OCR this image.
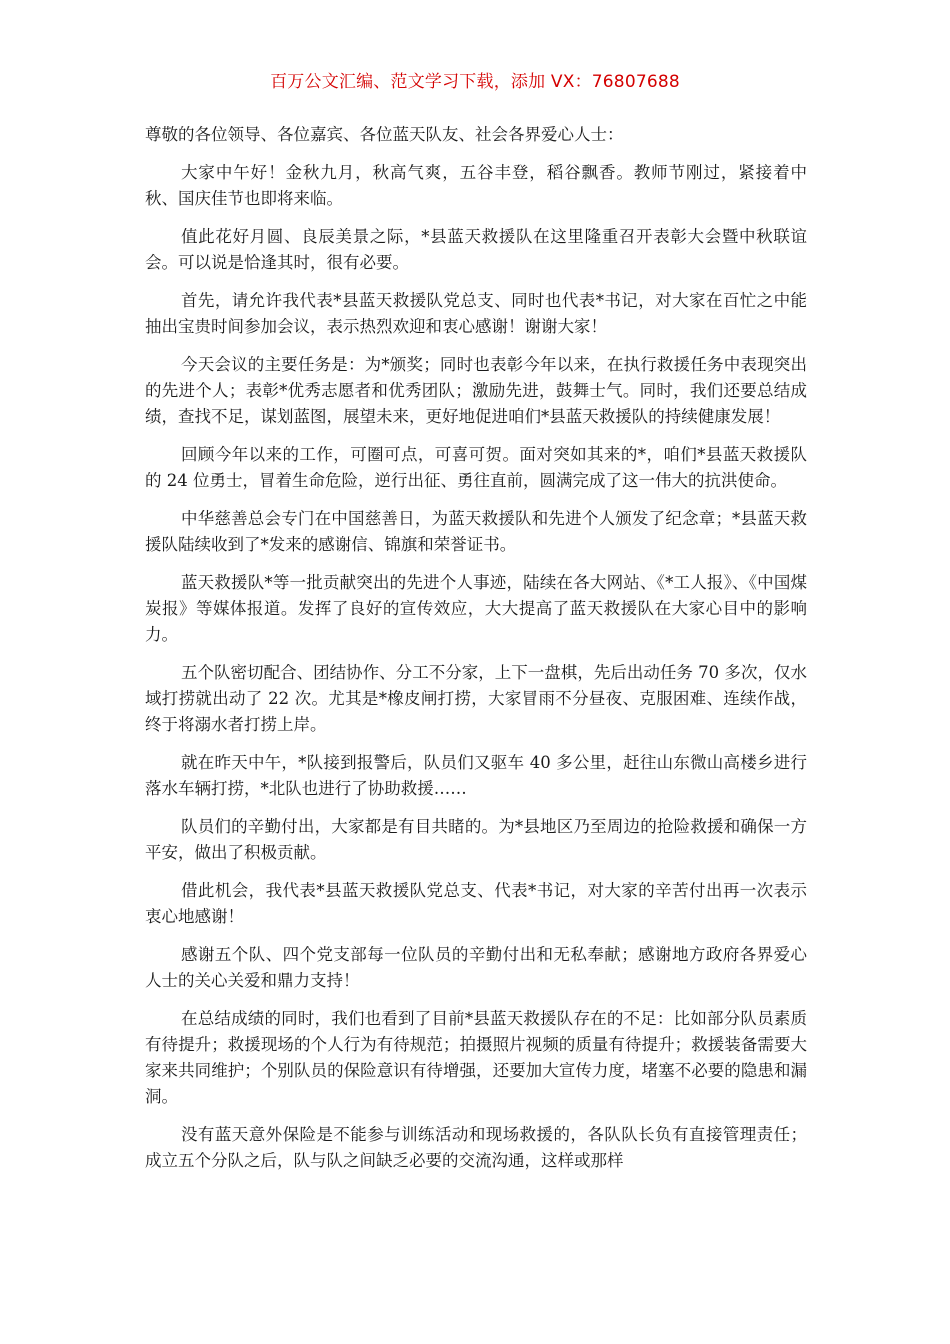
百万公文汇编、范文学习下载，添加 VX：76807688

尊敬的各位领导、各位嘉宾、各位蓝天队友、社会各界爱心人士：

大家中午好！金秋九月，秋高气爽，五谷丰登，稻谷飘香。教师节刚过，紧接着中秋、国庆佳节也即将来临。

值此花好月圆、良辰美景之际，*县蓝天救援队在这里隆重召开表彰大会暨中秋联谊会。可以说是恰逢其时，很有必要。

首先，请允许我代表*县蓝天救援队党总支、同时也代表*书记，对大家在百忙之中能抽出宝贵时间参加会议，表示热烈欢迎和衷心感谢！谢谢大家！

今天会议的主要任务是：为*颁奖；同时也表彰今年以来，在执行救援任务中表现突出的先进个人；表彰*优秀志愿者和优秀团队；激励先进，鼓舞士气。同时，我们还要总结成绩，查找不足，谋划蓝图，展望未来，更好地促进咱们*县蓝天救援队的持续健康发展！

回顾今年以来的工作，可圈可点，可喜可贺。面对突如其来的*，咱们*县蓝天救援队的 24 位勇士，冒着生命危险，逆行出征、勇往直前，圆满完成了这一伟大的抗洪使命。

中华慈善总会专门在中国慈善日，为蓝天救援队和先进个人颁发了纪念章；*县蓝天救援队陆续收到了*发来的感谢信、锦旗和荣誉证书。

蓝天救援队*等一批贡献突出的先进个人事迹，陆续在各大网站、《*工人报》、《中国煤炭报》等媒体报道。发挥了良好的宣传效应，大大提高了蓝天救援队在大家心目中的影响力。

五个队密切配合、团结协作、分工不分家，上下一盘棋，先后出动任务 70 多次，仅水域打捞就出动了 22 次。尤其是*橡皮闸打捞，大家冒雨不分昼夜、克服困难、连续作战，终于将溺水者打捞上岸。

就在昨天中午，*队接到报警后，队员们又驱车 40 多公里，赶往山东微山高楼乡进行落水车辆打捞，*北队也进行了协助救援……

队员们的辛勤付出，大家都是有目共睹的。为*县地区乃至周边的抢险救援和确保一方平安，做出了积极贡献。

借此机会，我代表*县蓝天救援队党总支、代表*书记，对大家的辛苦付出再一次表示衷心地感谢！

感谢五个队、四个党支部每一位队员的辛勤付出和无私奉献；感谢地方政府各界爱心人士的关心关爱和鼎力支持！

在总结成绩的同时，我们也看到了目前*县蓝天救援队存在的不足：比如部分队员素质有待提升；救援现场的个人行为有待规范；拍摄照片视频的质量有待提升；救援装备需要大家来共同维护；个别队员的保险意识有待增强，还要加大宣传力度，堵塞不必要的隐患和漏洞。

没有蓝天意外保险是不能参与训练活动和现场救援的，各队队长负有直接管理责任；成立五个分队之后，队与队之间缺乏必要的交流沟通，这样或那样
